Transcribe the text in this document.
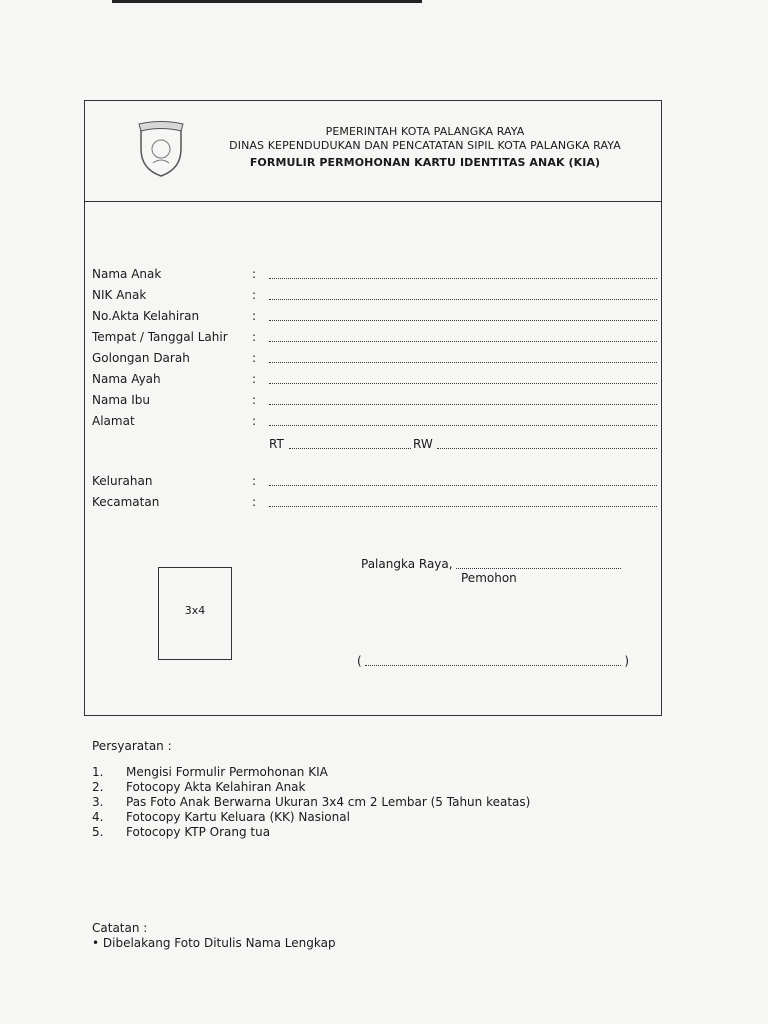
PEMERINTAH KOTA PALANGKA RAYA
DINAS KEPENDUDUKAN DAN PENCATATAN SIPIL KOTA PALANGKA RAYA
FORMULIR PERMOHONAN KARTU IDENTITAS ANAK (KIA)
Nama Anak	:
NIK Anak	:
No.Akta Kelahiran	:
Tempat / Tanggal Lahir :
Golongan Darah	:
Nama Ayah	:
Nama Ibu	:
Alamat	:
RT	RW
Kelurahan	:
Kecamatan	:
Palangka Raya,
Pemohon
3x4
(	)
Persyaratan :
1. Mengisi Formulir Permohonan KIA
2. Fotocopy Akta Kelahiran Anak
3. Pas Foto Anak Berwarna Ukuran 3x4 cm 2 Lembar (5 Tahun keatas)
4. Fotocopy Kartu Keluara (KK) Nasional
5. Fotocopy KTP Orang tua
Catatan :
• Dibelakang Foto Ditulis Nama Lengkap
